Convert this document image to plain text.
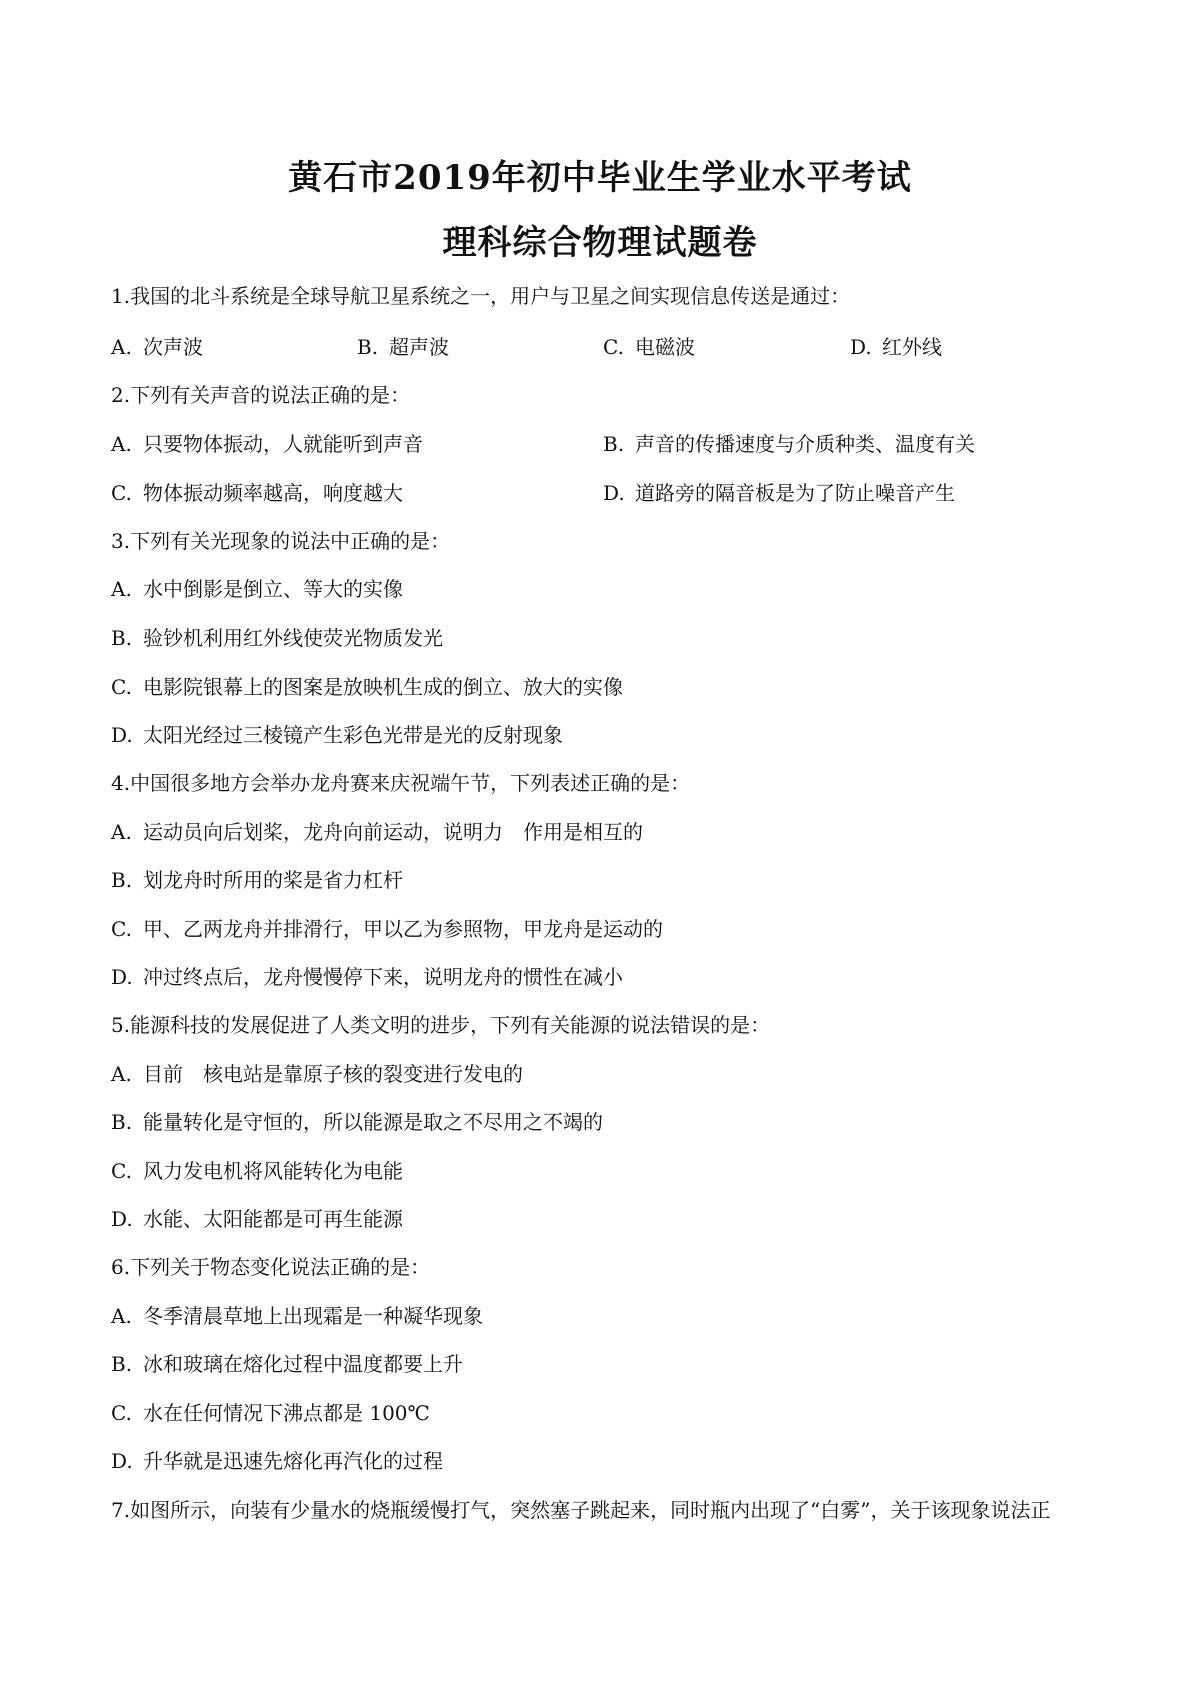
黄石市2019年初中毕业生学业水平考试
理科综合物理试题卷
1.我国的北斗系统是全球导航卫星系统之一，用户与卫星之间实现信息传送是通过：
A. 次声波	B. 超声波	C. 电磁波	D. 红外线
2.下列有关声音的说法正确的是：
A. 只要物体振动，人就能听到声音	B. 声音的传播速度与介质种类、温度有关
C. 物体振动频率越高，响度越大	D. 道路旁的隔音板是为了防止噪音产生
3.下列有关光现象的说法中正确的是：
A. 水中倒影是倒立、等大的实像
B. 验钞机利用红外线使荧光物质发光
C. 电影院银幕上的图案是放映机生成的倒立、放大的实像
D. 太阳光经过三棱镜产生彩色光带是光的反射现象
4.中国很多地方会举办龙舟赛来庆祝端午节，下列表述正确的是：
A. 运动员向后划桨，龙舟向前运动，说明力　作用是相互的
B. 划龙舟时所用的桨是省力杠杆
C. 甲、乙两龙舟并排滑行，甲以乙为参照物，甲龙舟是运动的
D. 冲过终点后，龙舟慢慢停下来，说明龙舟的惯性在减小
5.能源科技的发展促进了人类文明的进步，下列有关能源的说法错误的是：
A. 目前　核电站是靠原子核的裂变进行发电的
B. 能量转化是守恒的，所以能源是取之不尽用之不竭的
C. 风力发电机将风能转化为电能
D. 水能、太阳能都是可再生能源
6.下列关于物态变化说法正确的是：
A. 冬季清晨草地上出现霜是一种凝华现象
B. 冰和玻璃在熔化过程中温度都要上升
C. 水在任何情况下沸点都是 100℃
D. 升华就是迅速先熔化再汽化的过程
7.如图所示，向装有少量水的烧瓶缓慢打气，突然塞子跳起来，同时瓶内出现了“白雾”，关于该现象说法正
